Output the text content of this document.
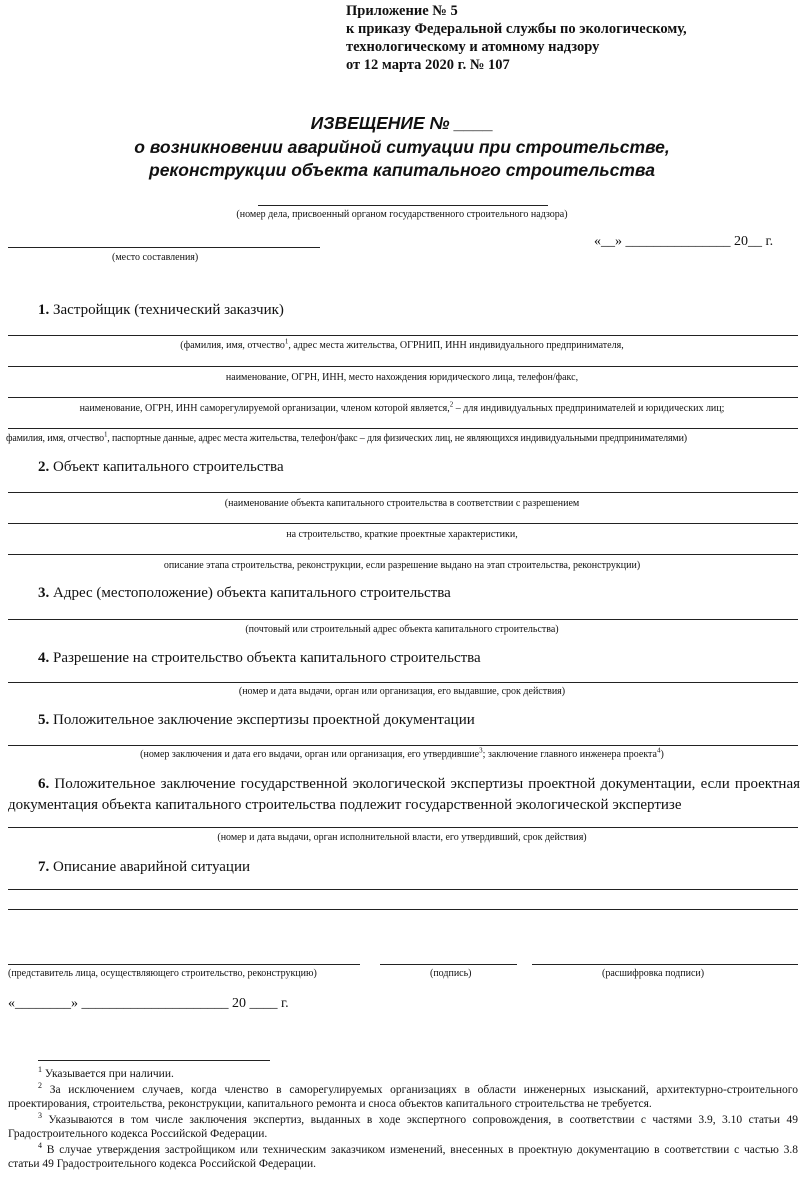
Приложение № 5
к приказу Федеральной службы по экологическому,
технологическому и атомному надзору
от 12 марта 2020 г. № 107
ИЗВЕЩЕНИЕ № ____
о возникновении аварийной ситуации при строительстве,
реконструкции объекта капитального строительства
(номер дела, присвоенный органом государственного строительного надзора)
(место составления)
«__» _______________ 20__ г.
1. Застройщик (технический заказчик)
(фамилия, имя, отчество$^1$, адрес места жительства, ОГРНИП, ИНН индивидуального предпринимателя,
наименование, ОГРН, ИНН, место нахождения юридического лица, телефон/факс,
наименование, ОГРН, ИНН саморегулируемой организации, членом которой является,$^2$ – для индивидуальных предпринимателей и юридических лиц;
фамилия, имя, отчество$^1$, паспортные данные, адрес места жительства, телефон/факс – для физических лиц, не являющихся индивидуальными предпринимателями)
2. Объект капитального строительства
(наименование объекта капитального строительства в соответствии с разрешением
на строительство, краткие проектные характеристики,
описание этапа строительства, реконструкции, если разрешение выдано на этап строительства, реконструкции)
3. Адрес (местоположение) объекта капитального строительства
(почтовый или строительный адрес объекта капитального строительства)
4. Разрешение на строительство объекта капитального строительства
(номер и дата выдачи, орган или организация, его выдавшие, срок действия)
5. Положительное заключение экспертизы проектной документации
(номер заключения и дата его выдачи, орган или организация, его утвердившие$^3$; заключение главного инженера проекта$^4$)
6. Положительное заключение государственной экологической экспертизы проектной документации, если проектная документация объекта капитального строительства подлежит государственной экологической экспертизе
(номер и дата выдачи, орган исполнительной власти, его утвердивший, срок действия)
7. Описание аварийной ситуации
(представитель лица, осуществляющего строительство, реконструкцию)	(подпись)	(расшифровка подписи)
«________» _____________________ 20 ____ г.
$^1$ Указывается при наличии.
$^2$ За исключением случаев, когда членство в саморегулируемых организациях в области инженерных изысканий, архитектурно-строительного проектирования, строительства, реконструкции, капитального ремонта и сноса объектов капитального строительства не требуется.
$^3$ Указываются в том числе заключения экспертиз, выданных в ходе экспертного сопровождения, в соответствии с частями 3.9, 3.10 статьи 49 Градостроительного кодекса Российской Федерации.
$^4$ В случае утверждения застройщиком или техническим заказчиком изменений, внесенных в проектную документацию в соответствии с частью 3.8 статьи 49 Градостроительного кодекса Российской Федерации.
